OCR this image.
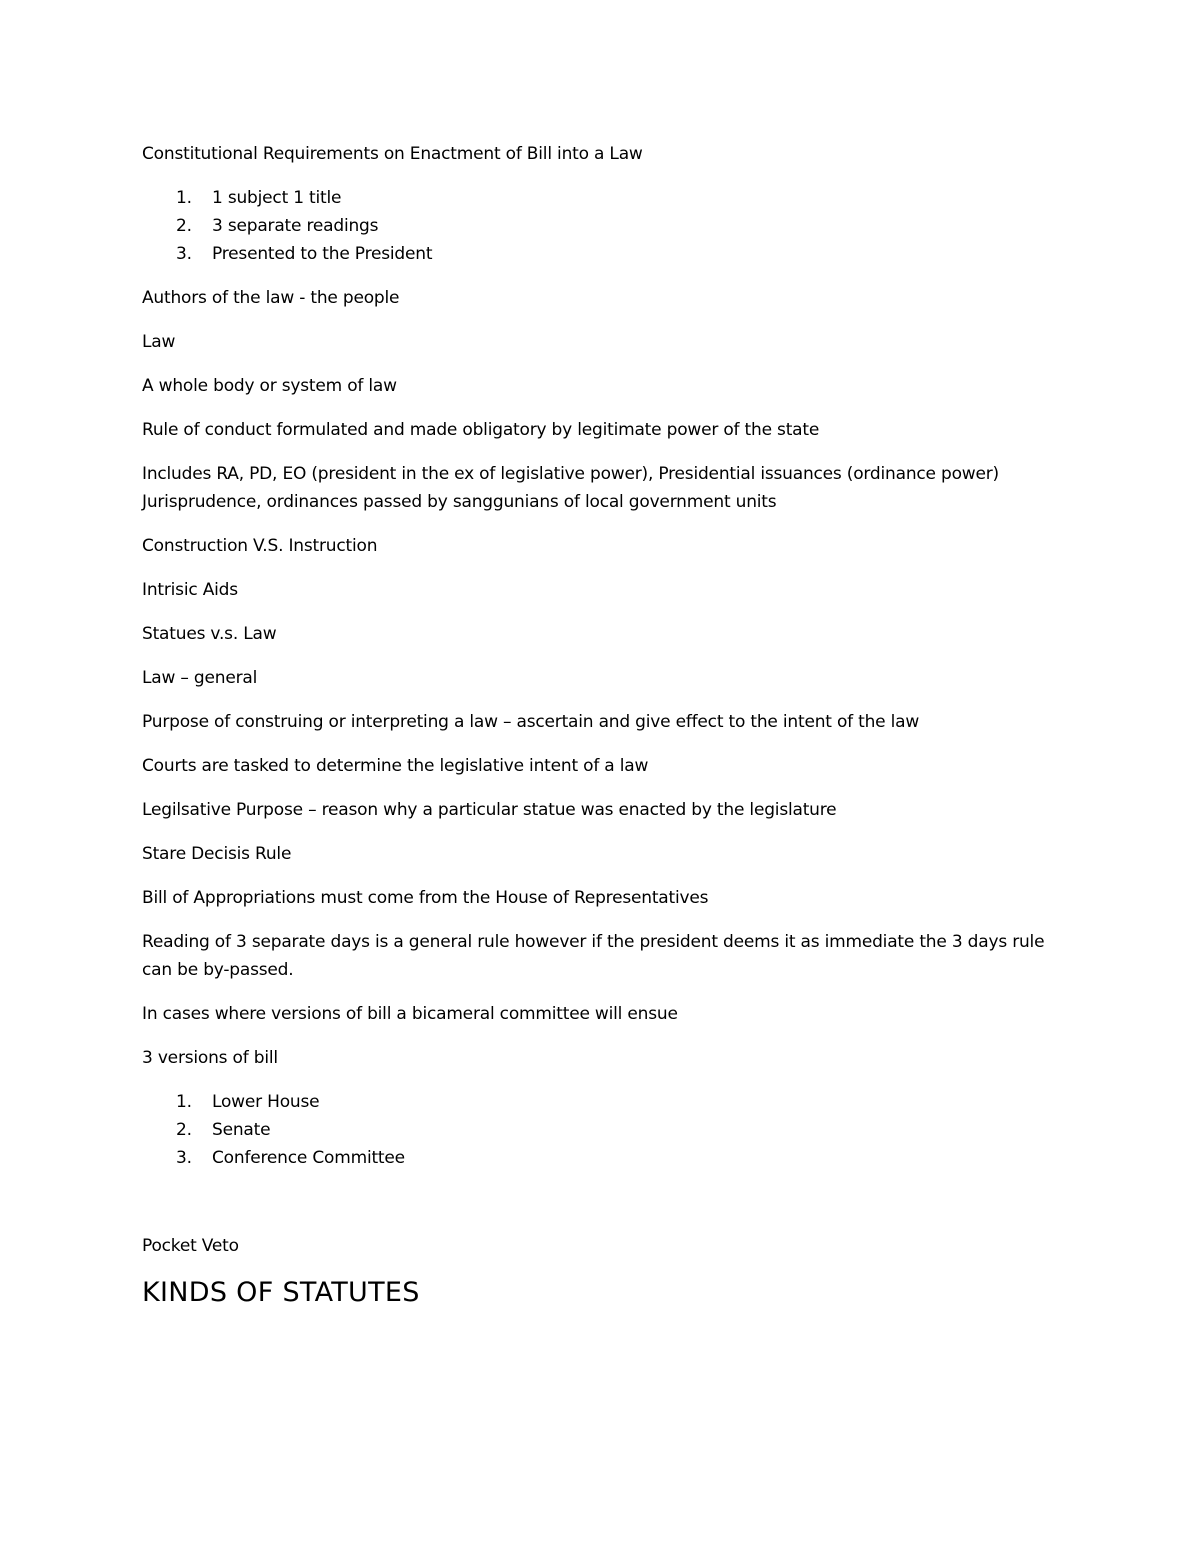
Constitutional Requirements on Enactment of Bill into a Law

1. 1 subject 1 title
2. 3 separate readings
3. Presented to the President

Authors of the law - the people

Law

A whole body or system of law

Rule of conduct formulated and made obligatory by legitimate power of the state

Includes RA, PD, EO (president in the ex of legislative power), Presidential issuances (ordinance power) Jurisprudence, ordinances passed by sanggunians of local government units

Construction V.S. Instruction

Intrisic Aids

Statues v.s. Law

Law – general

Purpose of construing or interpreting a law – ascertain and give effect to the intent of the law

Courts are tasked to determine the legislative intent of a law

Legilsative Purpose – reason why a particular statue was enacted by the legislature

Stare Decisis Rule

Bill of Appropriations must come from the House of Representatives

Reading of 3 separate days is a general rule however if the president deems it as immediate the 3 days rule can be by-passed.

In cases where versions of bill a bicameral committee will ensue

3 versions of bill

1. Lower House
2. Senate
3. Conference Committee

Pocket Veto

KINDS OF STATUTES
